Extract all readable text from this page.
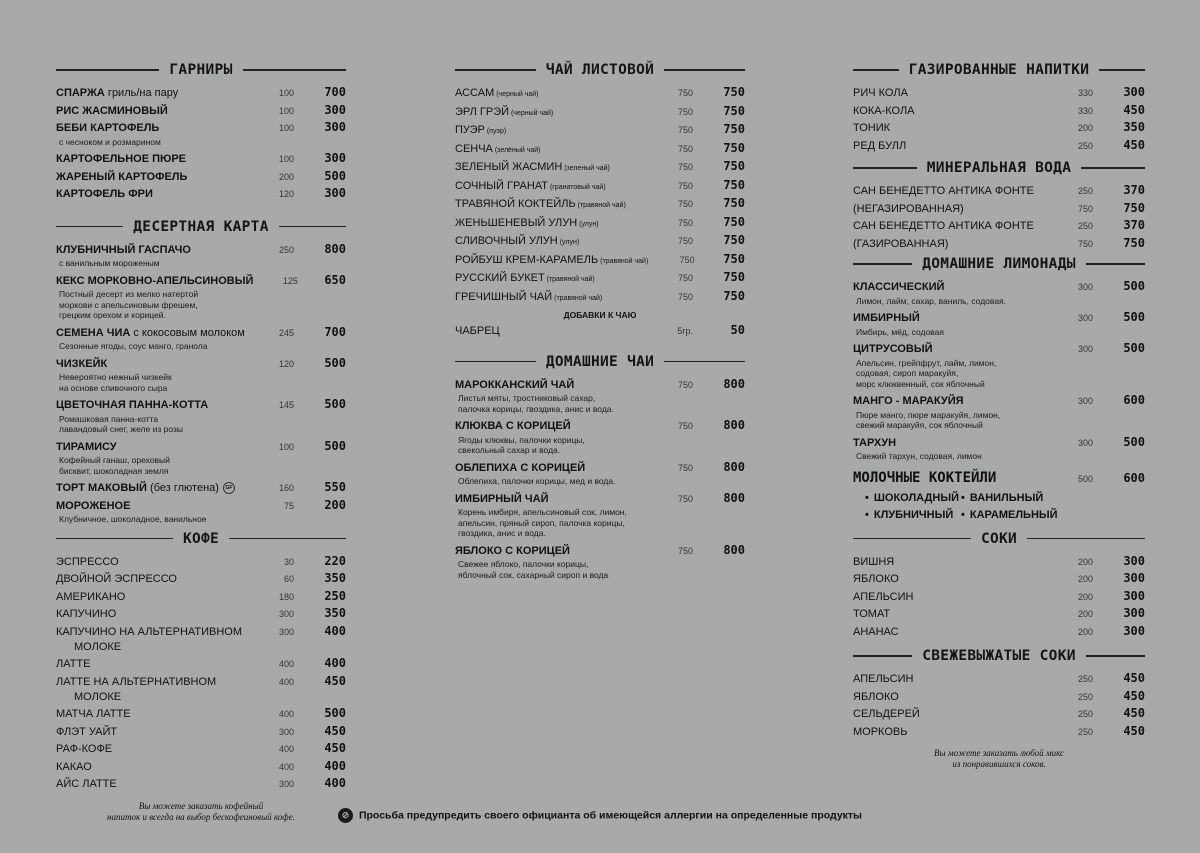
ГАРНИРЫ
СПАРЖА гриль/на пару	100	700
РИС ЖАСМИНОВЫЙ	100	300
БЕБИ КАРТОФЕЛЬ	100	300
с чесноком и розмарином
КАРТОФЕЛЬНОЕ ПЮРЕ	100	300
ЖАРЕНЫЙ КАРТОФЕЛЬ	200	500
КАРТОФЕЛЬ ФРИ	120	300
ДЕСЕРТНАЯ КАРТА
КЛУБНИЧНЫЙ ГАСПАЧО	250	800
с ванильным мороженым
КЕКС МОРКОВНО-АПЕЛЬСИНОВЫЙ	125	650
Постный десерт из мелко натертой
моркови с апельсиновым фрешем,
грецким орехом и корицей.
СЕМЕНА ЧИА с кокосовым молоком	245	700
Сезонные ягоды, соус манго, гранола
ЧИЗКЕЙК	120	500
Невероятно нежный чизкейк
на основе сливочного сыра
ЦВЕТОЧНАЯ ПАННА-КОТТА	145	500
Ромашковая панна-котта
лавандовый снег, желе из розы
ТИРАМИСУ	100	500
Кофейный ганаш, ореховый
бисквит, шоколадная земля
ТОРТ МАКОВЫЙ (без глютена) GF	160	550
МОРОЖЕНОЕ	75	200
Клубничное, шоколадное, ванильное
КОФЕ
ЭСПРЕССО	30	220
ДВОЙНОЙ ЭСПРЕССО	60	350
АМЕРИКАНО	180	250
КАПУЧИНО	300	350
КАПУЧИНО НА АЛЬТЕРНАТИВНОМ	300	400
МОЛОКЕ
ЛАТТЕ	400	400
ЛАТТЕ НА АЛЬТЕРНАТИВНОМ	400	450
МОЛОКЕ
МАТЧА ЛАТТЕ	400	500
ФЛЭТ УАЙТ	300	450
РАФ-КОФЕ	400	450
КАКАО	400	400
АЙС ЛАТТЕ	300	400
Вы можете заказать кофейный
напиток и всегда на выбор бескофеиновый кофе.
ЧАЙ ЛИСТОВОЙ
АССАМ (черный чай)	750	750
ЭРЛ ГРЭЙ (черный чай)	750	750
ПУЭР (пуэр)	750	750
СЕНЧА (зелёный чай)	750	750
ЗЕЛЕНЫЙ ЖАСМИН (зеленый чай)	750	750
СОЧНЫЙ ГРАНАТ (гранатовый чай)	750	750
ТРАВЯНОЙ КОКТЕЙЛЬ (травяной чай)	750	750
ЖЕНЬШЕНЕВЫЙ УЛУН (улун)	750	750
СЛИВОЧНЫЙ УЛУН (улун)	750	750
РОЙБУШ КРЕМ-КАРАМЕЛЬ (травяной чай)	750	750
РУССКИЙ БУКЕТ (травяной чай)	750	750
ГРЕЧИШНЫЙ ЧАЙ (травяной чай)	750	750
ДОБАВКИ К ЧАЮ
ЧАБРЕЦ	5гр.	50
ДОМАШНИЕ ЧАИ
МАРОККАНСКИЙ ЧАЙ	750	800
Листья мяты, тростниковый сахар,
палочка корицы, гвоздика, анис и вода.
КЛЮКВА С КОРИЦЕЙ	750	800
Ягоды клюквы, палочки корицы,
свекольный сахар и вода.
ОБЛЕПИХА С КОРИЦЕЙ	750	800
Облепиха, палочки корицы, мед и вода.
ИМБИРНЫЙ ЧАЙ	750	800
Корень имбиря, апельсиновый сок, лимон,
апельсин, пряный сироп, палочка корицы,
гвоздика, анис и вода.
ЯБЛОКО С КОРИЦЕЙ	750	800
Свежее яблоко, палочки корицы,
яблочный сок, сахарный сироп и вода
ГАЗИРОВАННЫЕ НАПИТКИ
РИЧ КОЛА	330	300
КОКА-КОЛА	330	450
ТОНИК	200	350
РЕД БУЛЛ	250	450
МИНЕРАЛЬНАЯ ВОДА
САН БЕНЕДЕТТО АНТИКА ФОНТЕ	250	370
(НЕГАЗИРОВАННАЯ)	750	750
САН БЕНЕДЕТТО АНТИКА ФОНТЕ	250	370
(ГАЗИРОВАННАЯ)	750	750
ДОМАШНИЕ ЛИМОНАДЫ
КЛАССИЧЕСКИЙ	300	500
Лимон, лайм, сахар, ваниль, содовая.
ИМБИРНЫЙ	300	500
Имбирь, мёд, содовая
ЦИТРУСОВЫЙ	300	500
Апельсин, грейпфрут, лайм, лимон,
содовая, сироп маракуйя,
морс клюквенный, сок яблочный
МАНГО - МАРАКУЙЯ	300	600
Пюре манго, пюре маракуйя, лимон,
свежий маракуйя, сок яблочный
ТАРХУН	300	500
Свежий тархун, содовая, лимон
МОЛОЧНЫЕ КОКТЕЙЛИ	500	600
• ШОКОЛАДНЫЙ • ВАНИЛЬНЫЙ
• КЛУБНИЧНЫЙ	• КАРАМЕЛЬНЫЙ
СОКИ
ВИШНЯ	200	300
ЯБЛОКО	200	300
АПЕЛЬСИН	200	300
ТОМАТ	200	300
АНАНАС	200	300
СВЕЖЕВЫЖАТЫЕ СОКИ
АПЕЛЬСИН	250	450
ЯБЛОКО	250	450
СЕЛЬДЕРЕЙ	250	450
МОРКОВЬ	250	450
Вы можете заказать любой микс
из понравившихся соков.
⊘ Просьба предупредить своего официанта об имеющейся аллергии на определенные продукты
